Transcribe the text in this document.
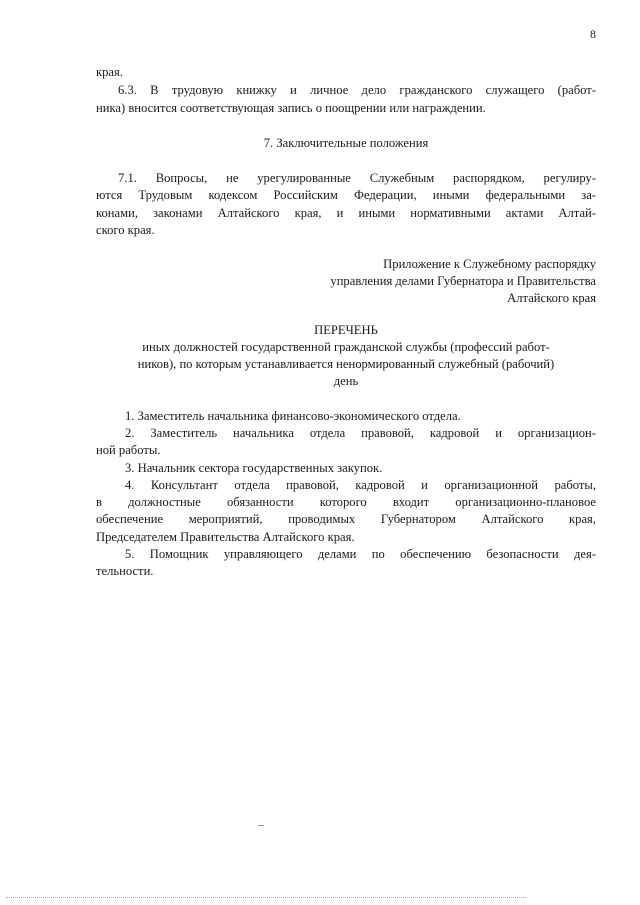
8
края.
6.3. В трудовую книжку и личное дело гражданского служащего (работ-
ника) вносится соответствующая запись о поощрении или награждении.
7. Заключительные положения
7.1. Вопросы, не урегулированные Служебным распорядком, регулиру-
ются Трудовым кодексом Российским Федерации, иными федеральными за-
конами, законами Алтайского края, и иными нормативными актами Алтай-
ского края.
Приложение к Служебному распорядку
управления делами Губернатора и Правительства
Алтайского края
ПЕРЕЧЕНЬ
иных должностей государственной гражданской службы (профессий работ-
ников), по которым устанавливается ненормированный служебный (рабочий)
день
1. Заместитель начальника финансово-экономического отдела.
2. Заместитель начальника отдела правовой, кадровой и организацион-
ной работы.
3. Начальник сектора государственных закупок.
4. Консультант отдела правовой, кадровой и организационной работы,
в должностные обязанности которого входит организационно-плановое
обеспечение мероприятий, проводимых Губернатором Алтайского края,
Председателем Правительства Алтайского края.
5. Помощник управляющего делами по обеспечению безопасности дея-
тельности.
